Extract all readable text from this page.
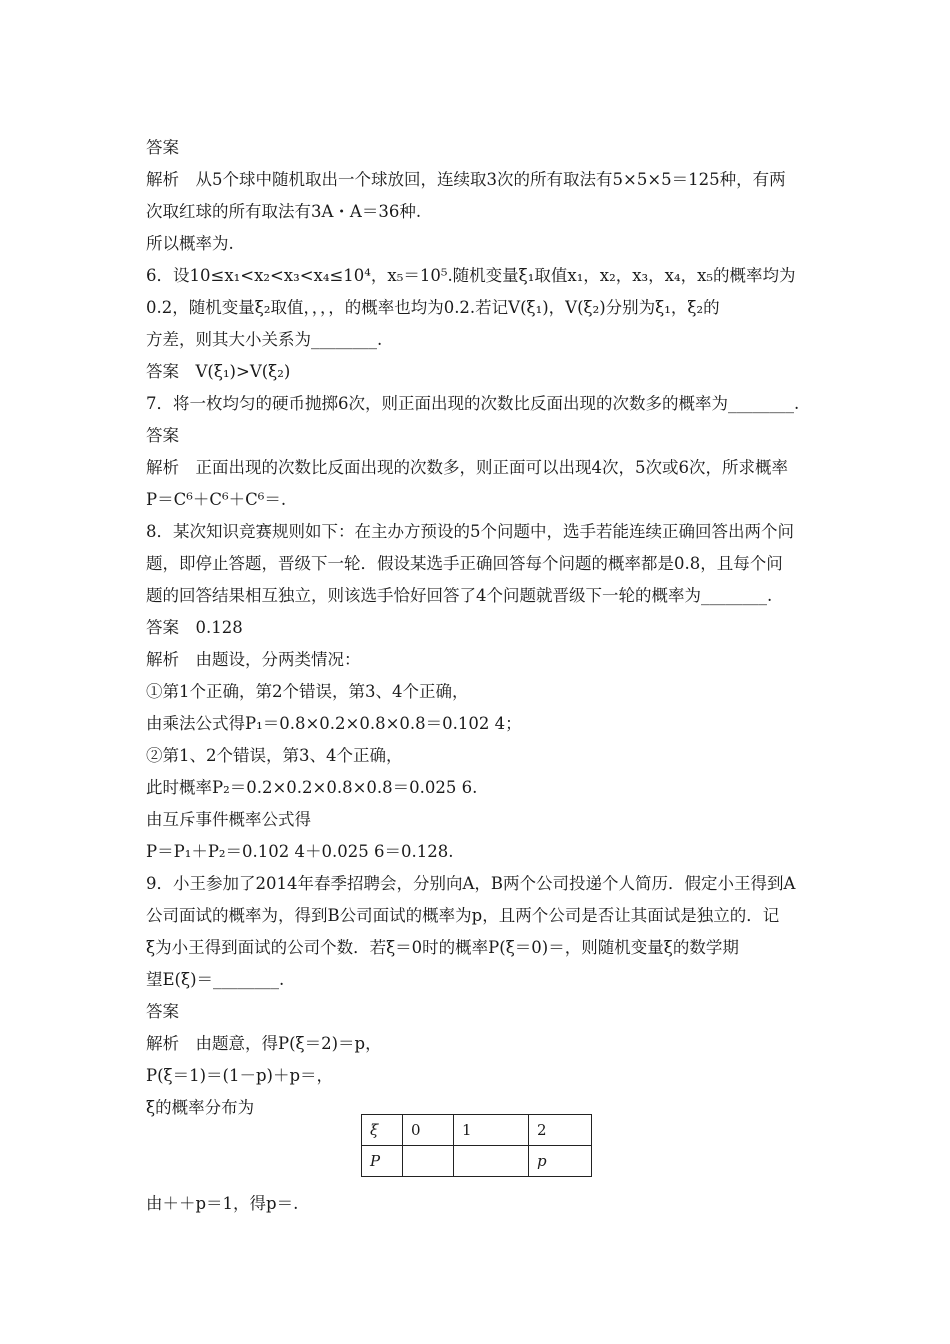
答案
解析　从5个球中随机取出一个球放回，连续取3次的所有取法有5×5×5＝125种，有两
次取红球的所有取法有3A・A＝36种.
所以概率为.
6．设10≤x₁<x₂<x₃<x₄≤10⁴，x₅＝10⁵.随机变量ξ₁取值x₁，x₂，x₃，x₄，x₅的概率均为
0.2，随机变量ξ₂取值，，，，的概率也均为0.2.若记V(ξ₁)，V(ξ₂)分别为ξ₁，ξ₂的
方差，则其大小关系为________.
答案　V(ξ₁)>V(ξ₂)
7．将一枚均匀的硬币抛掷6次，则正面出现的次数比反面出现的次数多的概率为________.
答案
解析　正面出现的次数比反面出现的次数多，则正面可以出现4次，5次或6次，所求概率
P＝C⁶＋C⁶＋C⁶＝.
8．某次知识竞赛规则如下：在主办方预设的5个问题中，选手若能连续正确回答出两个问
题，即停止答题，晋级下一轮．假设某选手正确回答每个问题的概率都是0.8，且每个问
题的回答结果相互独立，则该选手恰好回答了4个问题就晋级下一轮的概率为________.
答案　0.128
解析　由题设，分两类情况：
①第1个正确，第2个错误，第3、4个正确，
由乘法公式得P₁＝0.8×0.2×0.8×0.8＝0.102 4；
②第1、2个错误，第3、4个正确，
此时概率P₂＝0.2×0.2×0.8×0.8＝0.025 6.
由互斥事件概率公式得
P＝P₁＋P₂＝0.102 4＋0.025 6＝0.128.
9．小王参加了2014年春季招聘会，分别向A，B两个公司投递个人简历．假定小王得到A
公司面试的概率为，得到B公司面试的概率为p，且两个公司是否让其面试是独立的．记
ξ为小王得到面试的公司个数．若ξ＝0时的概率P(ξ＝0)＝，则随机变量ξ的数学期
望E(ξ)＝________.
答案
解析　由题意，得P(ξ＝2)＝p，
P(ξ＝1)＝(1－p)＋p＝，
ξ的概率分布为
ξ	0	1	2
P			p
由＋＋p＝1，得p＝.
